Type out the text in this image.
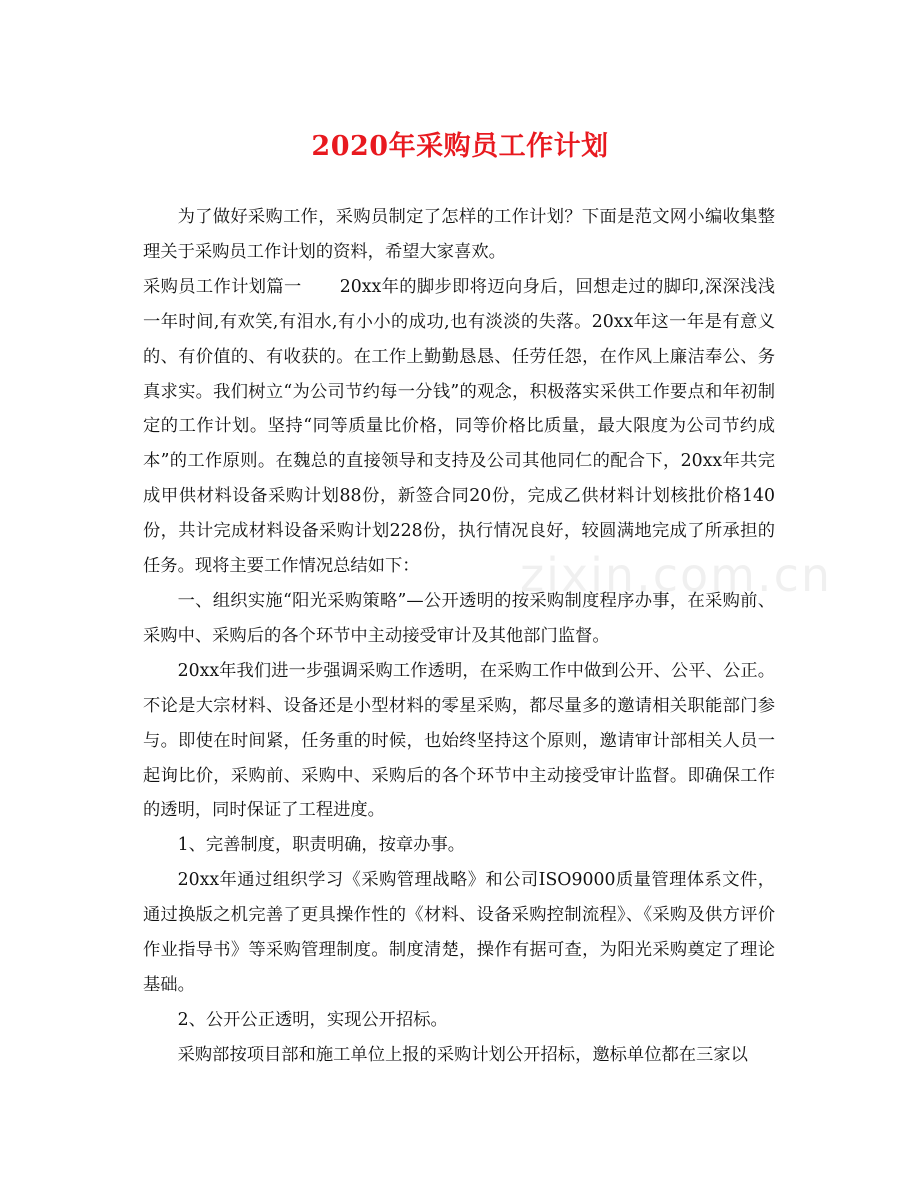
2020年采购员工作计划

为了做好采购工作，采购员制定了怎样的工作计划？下面是范文网小编收集整理关于采购员工作计划的资料，希望大家喜欢。

采购员工作计划篇一 20xx年的脚步即将迈向身后，回想走过的脚印,深深浅浅一年时间,有欢笑,有泪水,有小小的成功,也有淡淡的失落。20xx年这一年是有意义的、有价值的、有收获的。在工作上勤勤恳恳、任劳任怨，在作风上廉洁奉公、务真求实。我们树立“为公司节约每一分钱”的观念，积极落实采供工作要点和年初制定的工作计划。坚持“同等质量比价格，同等价格比质量，最大限度为公司节约成本”的工作原则。在魏总的直接领导和支持及公司其他同仁的配合下，20xx年共完成甲供材料设备采购计划88份，新签合同20份，完成乙供材料计划核批价格140份，共计完成材料设备采购计划228份，执行情况良好，较圆满地完成了所承担的任务。现将主要工作情况总结如下：

一、组织实施“阳光采购策略”—公开透明的按采购制度程序办事，在采购前、采购中、采购后的各个环节中主动接受审计及其他部门监督。

20xx年我们进一步强调采购工作透明，在采购工作中做到公开、公平、公正。不论是大宗材料、设备还是小型材料的零星采购，都尽量多的邀请相关职能部门参与。即使在时间紧，任务重的时候，也始终坚持这个原则，邀请审计部相关人员一起询比价，采购前、采购中、采购后的各个环节中主动接受审计监督。即确保工作的透明，同时保证了工程进度。

1、完善制度，职责明确，按章办事。

20xx年通过组织学习《采购管理战略》和公司ISO9000质量管理体系文件，通过换版之机完善了更具操作性的《材料、设备采购控制流程》、《采购及供方评价作业指导书》等采购管理制度。制度清楚，操作有据可查，为阳光采购奠定了理论基础。

2、公开公正透明，实现公开招标。

采购部按项目部和施工单位上报的采购计划公开招标，邀标单位都在三家以

zixin.com.cn
